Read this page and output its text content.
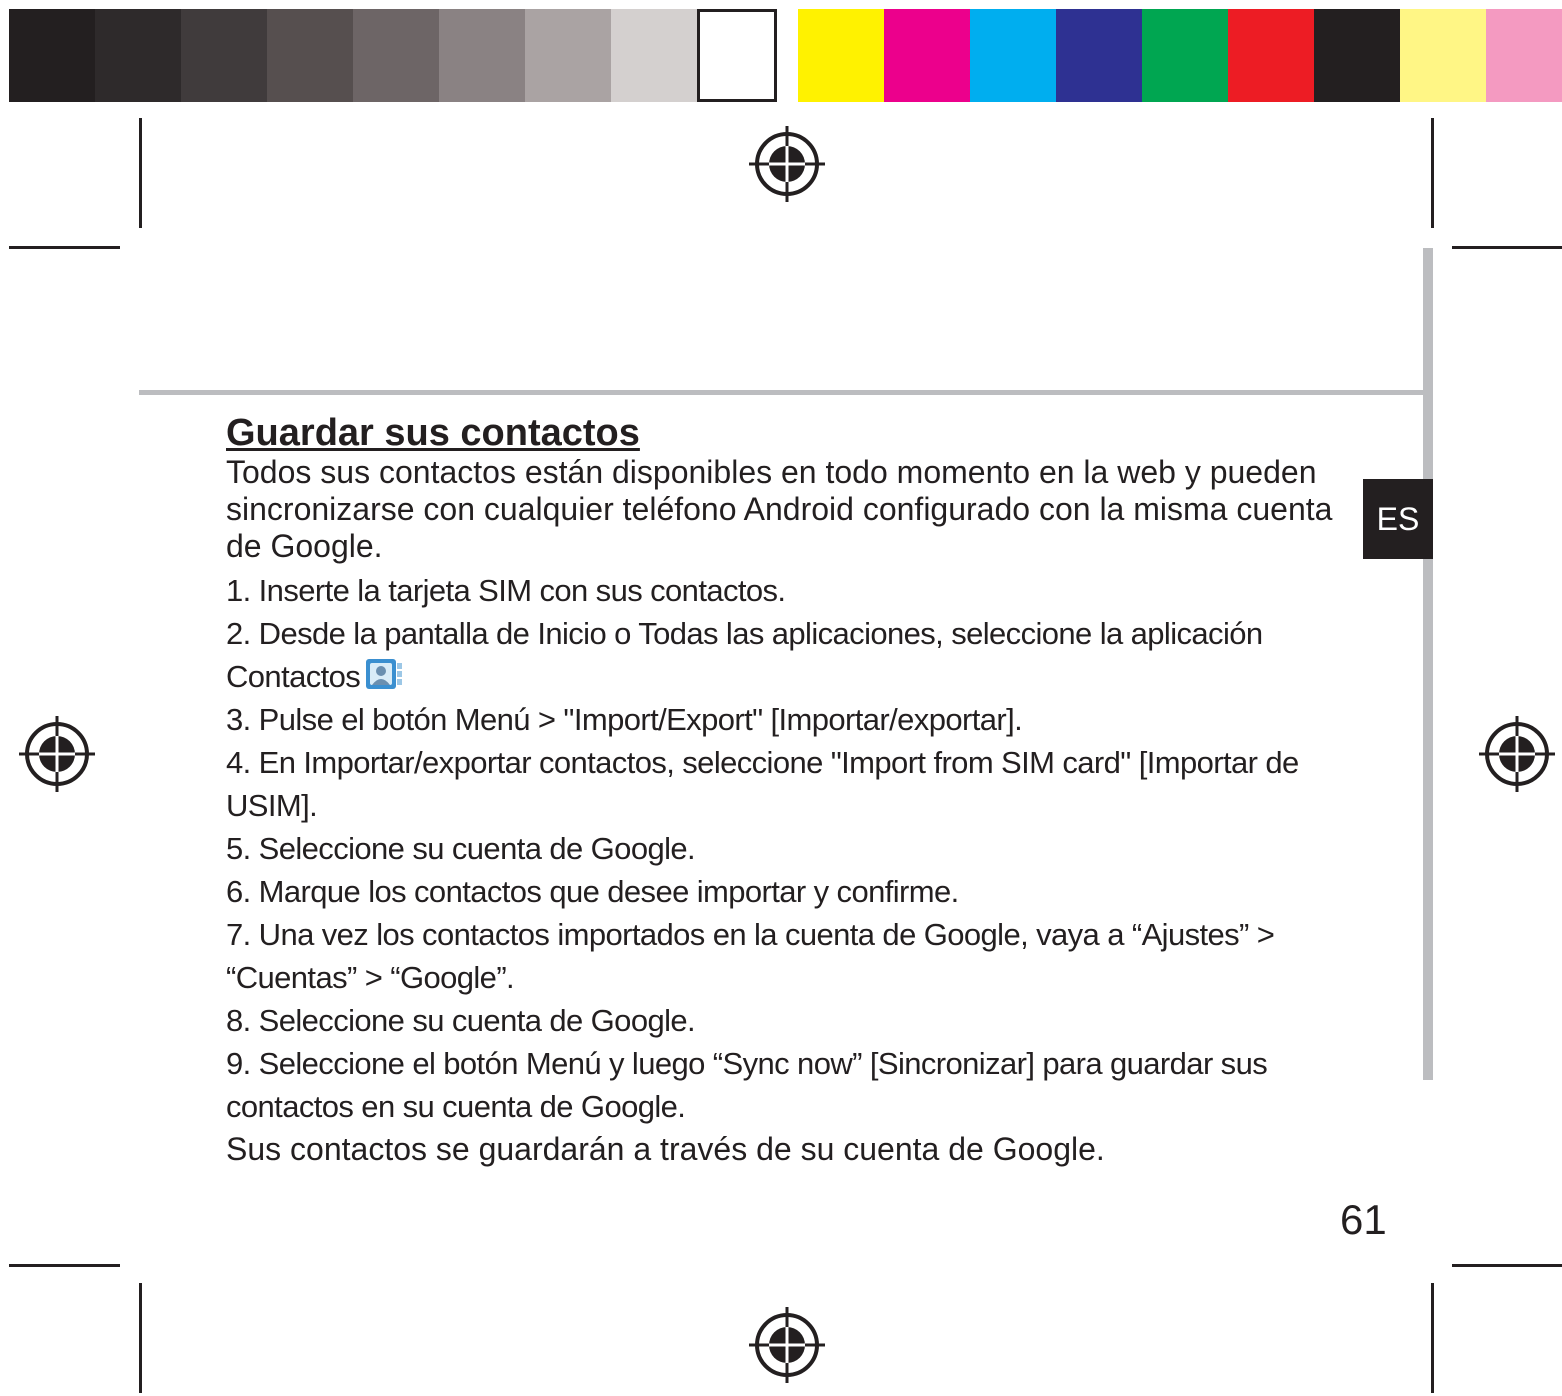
ES
Guardar sus contactos

Todos sus contactos están disponibles en todo momento en la web y pueden sincronizarse con cualquier teléfono Android configurado con la misma cuenta de Google.

1. Inserte la tarjeta SIM con sus contactos.
2. Desde la pantalla de Inicio o Todas las aplicaciones, seleccione la aplicación Contactos
3. Pulse el botón Menú > "Import/Export" [Importar/exportar].
4. En Importar/exportar contactos, seleccione "Import from SIM card" [Importar de USIM].
5. Seleccione su cuenta de Google.
6. Marque los contactos que desee importar y confirme.
7. Una vez los contactos importados en la cuenta de Google, vaya a “Ajustes” > “Cuentas” > “Google”.
8. Seleccione su cuenta de Google.
9. Seleccione el botón Menú y luego “Sync now” [Sincronizar] para guardar sus contactos en su cuenta de Google.

Sus contactos se guardarán a través de su cuenta de Google.

61
